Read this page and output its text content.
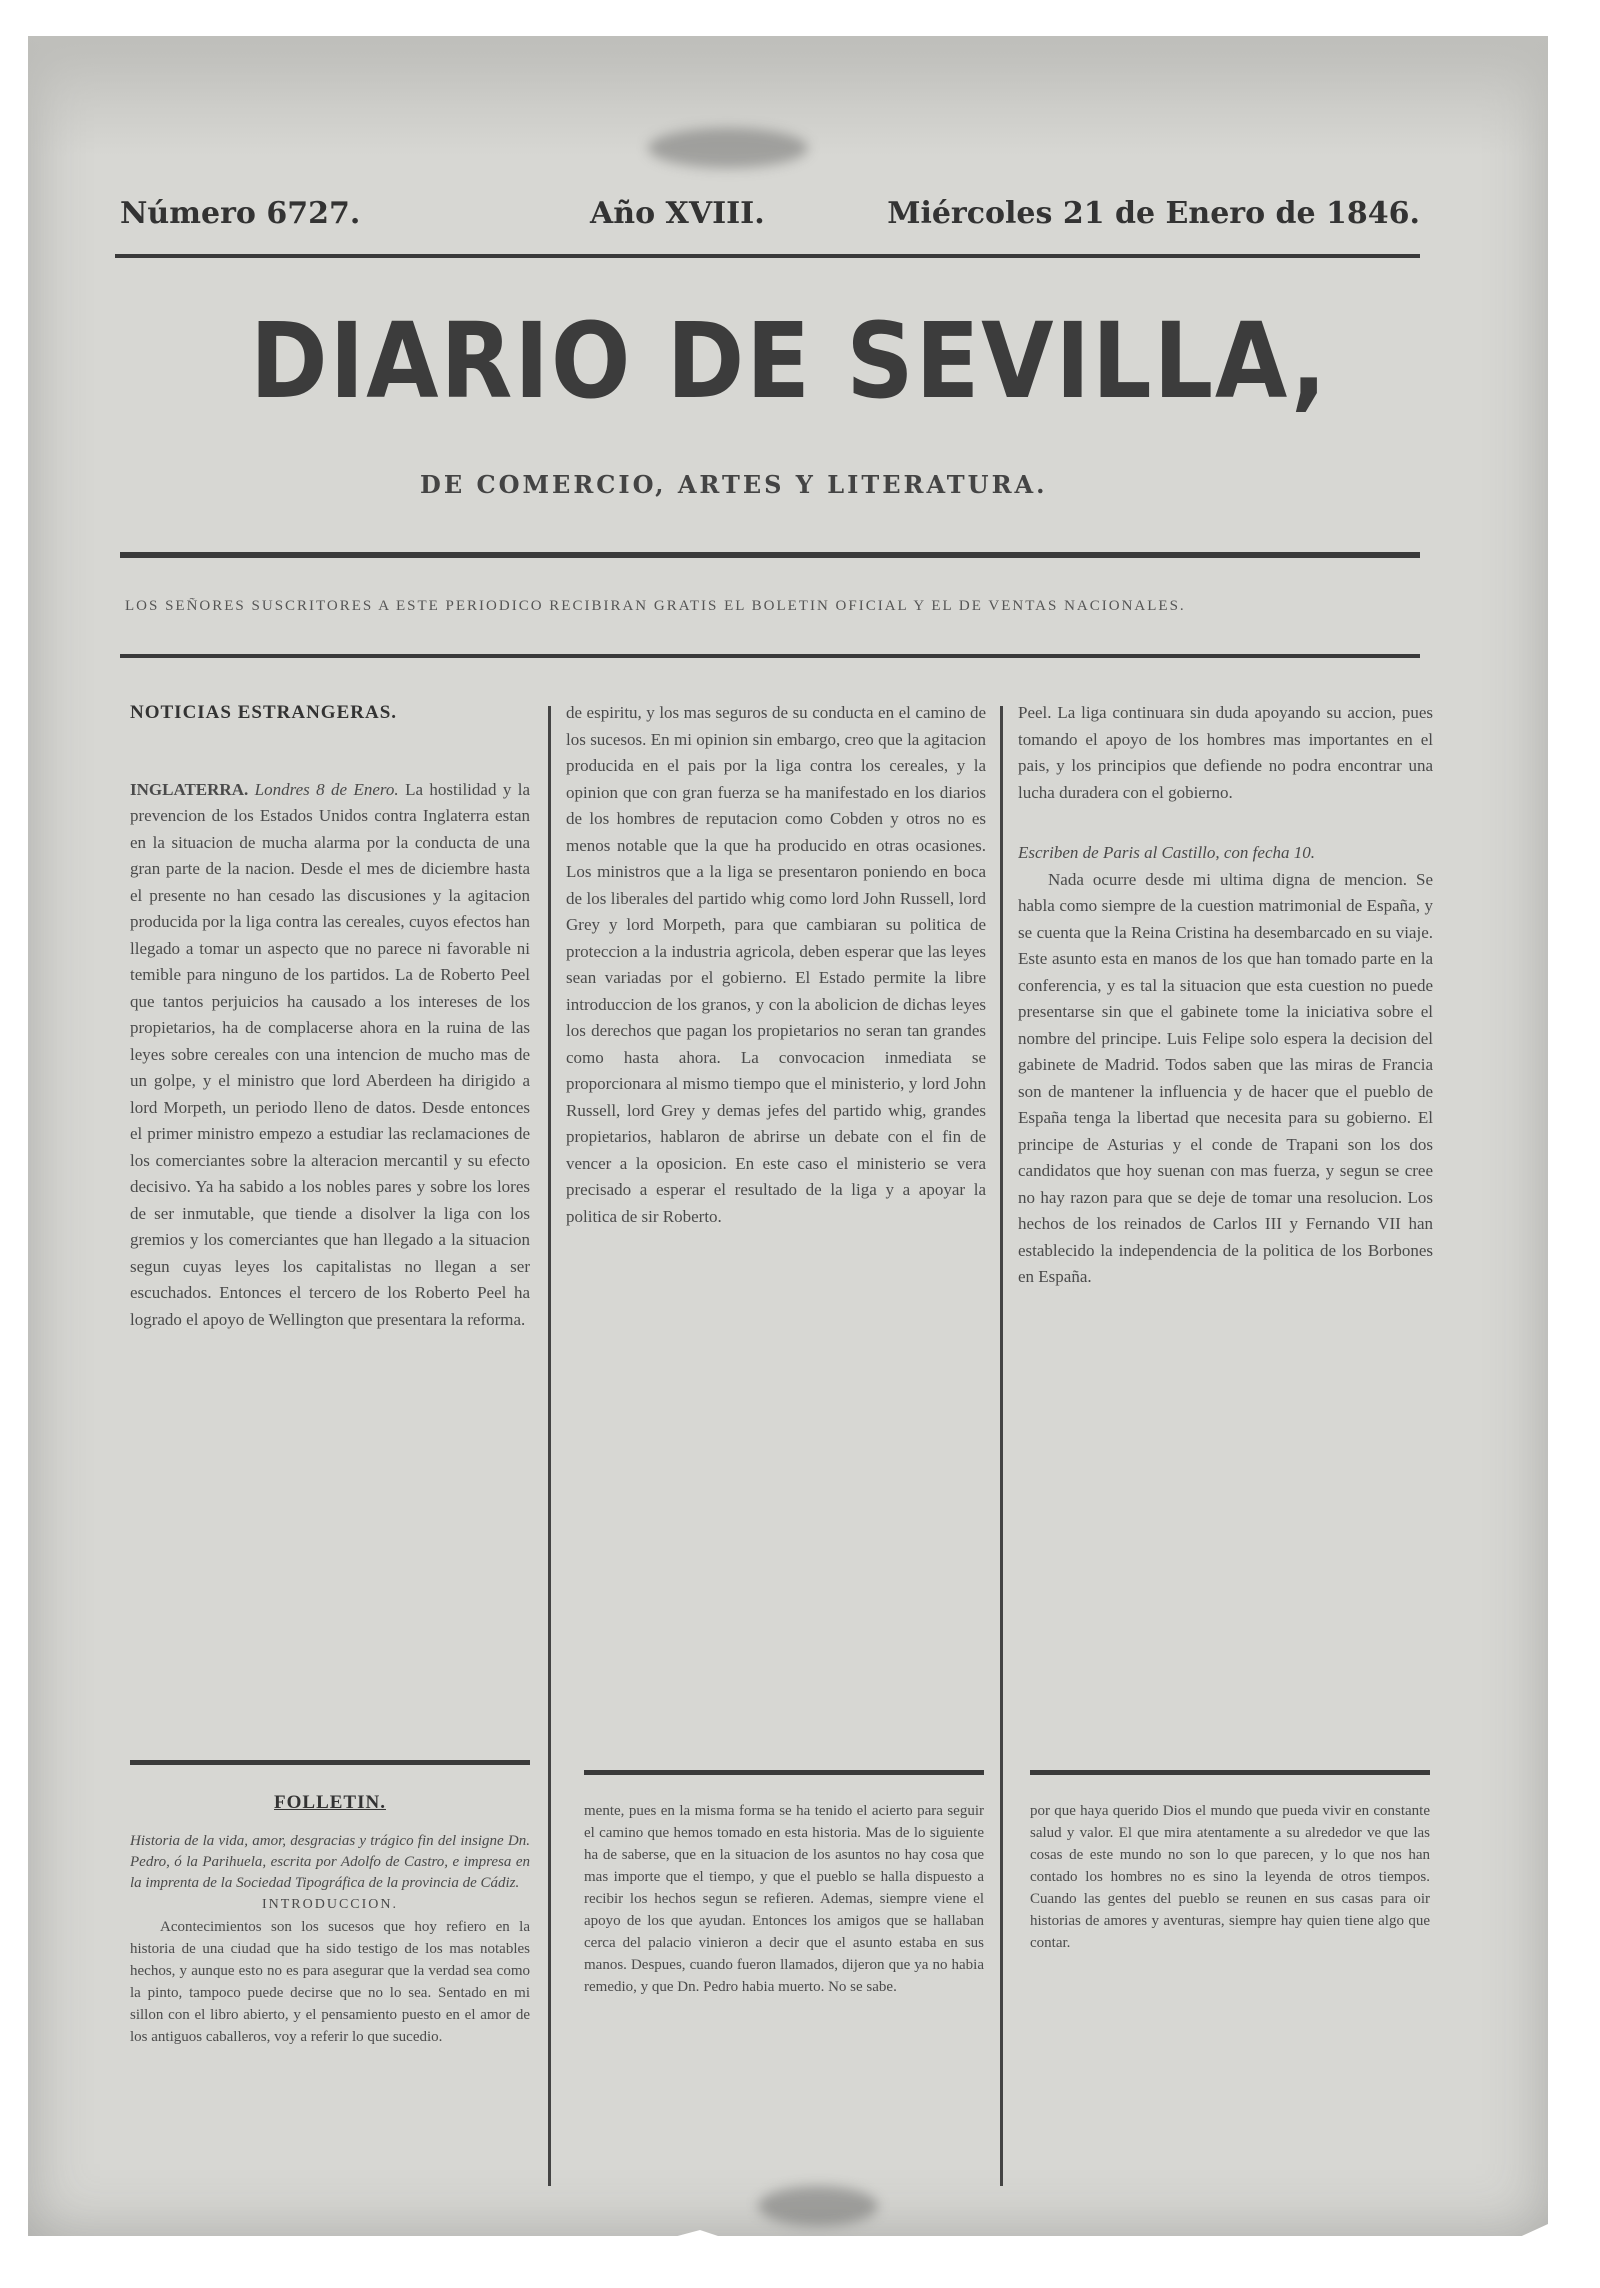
Número 6727.	Año XVIII.	Miércoles 21 de Enero de 1846.
DIARIO DE SEVILLA,
DE COMERCIO, ARTES Y LITERATURA.
LOS SEÑORES SUSCRITORES A ESTE PERIODICO RECIBIRAN GRATIS EL BOLETIN OFICIAL Y EL DE VENTAS NACIONALES.
NOTICIAS ESTRANGERAS.

INGLATERRA. Londres 8 de Enero. La hostilidad y la prevencion de los Estados Unidos contra Inglaterra estan en la situacion de mucha alarma por la conducta de una gran parte de la nacion. Desde el mes de diciembre hasta el presente no han cesado las discusiones y la agitacion producida por la liga contra las cereales, cuyos efectos han llegado a tomar un aspecto que no parece ni favorable ni temible para ninguno de los partidos. La de Roberto Peel que tantos perjuicios ha causado a los intereses de los propietarios, ha de complacerse ahora en la ruina de las leyes sobre cereales con una intencion de mucho mas de un golpe, y el ministro que lord Aberdeen ha dirigido a lord Morpeth, un periodo lleno de datos. Desde entonces el primer ministro empezo a estudiar las reclamaciones de los comerciantes sobre la alteracion mercantil y su efecto decisivo. Ya ha sabido a los nobles pares y sobre los lores de ser inmutable, que tiende a disolver la liga con los gremios y los comerciantes que han llegado a la situacion segun cuyas leyes los capitalistas no llegan a ser escuchados. Entonces el tercero de los Roberto Peel ha logrado el apoyo de Wellington que presentara la reforma.

FOLLETIN.

Historia de la vida, amor, desgracias y trágico fin del insigne Dn. Pedro, ó la Parihuela, escrita por Adolfo de Castro, e impresa en la imprenta de la Sociedad Tipográfica de la provincia de Cádiz.

INTRODUCCION.

Acontecimientos son los sucesos que hoy refiero en la historia de una ciudad que ha sido testigo de los mas notables hechos, y aunque esto no es para asegurar que la verdad sea como la pinto, tampoco puede decirse que no lo sea. Sentado en mi sillon con el libro abierto, y el pensamiento puesto en el amor de los antiguos caballeros, voy a referir lo que sucedio.

de espiritu, y los mas seguros de su conducta en el camino de los sucesos. En mi opinion sin embargo, creo que la agitacion producida en el pais por la liga contra los cereales, y la opinion que con gran fuerza se ha manifestado en los diarios de los hombres de reputacion como Cobden y otros no es menos notable que la que ha producido en otras ocasiones. Los ministros que a la liga se presentaron poniendo en boca de los liberales del partido whig como lord John Russell, lord Grey y lord Morpeth, para que cambiaran su politica de proteccion a la industria agricola, deben esperar que las leyes sean variadas por el gobierno. El Estado permite la libre introduccion de los granos, y con la abolicion de dichas leyes los derechos que pagan los propietarios no seran tan grandes como hasta ahora. La convocacion inmediata se proporcionara al mismo tiempo que el ministerio, y lord John Russell, lord Grey y demas jefes del partido whig, grandes propietarios, hablaron de abrirse un debate con el fin de vencer a la oposicion. En este caso el ministerio se vera precisado a esperar el resultado de la liga y a apoyar la politica de sir Roberto.

mente, pues en la misma forma se ha tenido el acierto para seguir el camino que hemos tomado en esta historia. Mas de lo siguiente ha de saberse, que en la situacion de los asuntos no hay cosa que mas importe que el tiempo, y que el pueblo se halla dispuesto a recibir los hechos segun se refieren. Ademas, siempre viene el apoyo de los que ayudan. Entonces los amigos que se hallaban cerca del palacio vinieron a decir que el asunto estaba en sus manos. Despues, cuando fueron llamados, dijeron que ya no habia remedio, y que Dn. Pedro habia muerto. No se sabe.

Peel. La liga continuara sin duda apoyando su accion, pues tomando el apoyo de los hombres mas importantes en el pais, y los principios que defiende no podra encontrar una lucha duradera con el gobierno.

Escriben de Paris al Castillo, con fecha 10.

Nada ocurre desde mi ultima digna de mencion. Se habla como siempre de la cuestion matrimonial de España, y se cuenta que la Reina Cristina ha desembarcado en su viaje. Este asunto esta en manos de los que han tomado parte en la conferencia, y es tal la situacion que esta cuestion no puede presentarse sin que el gabinete tome la iniciativa sobre el nombre del principe. Luis Felipe solo espera la decision del gabinete de Madrid. Todos saben que las miras de Francia son de mantener la influencia y de hacer que el pueblo de España tenga la libertad que necesita para su gobierno. El principe de Asturias y el conde de Trapani son los dos candidatos que hoy suenan con mas fuerza, y segun se cree no hay razon para que se deje de tomar una resolucion. Los hechos de los reinados de Carlos III y Fernando VII han establecido la independencia de la politica de los Borbones en España.

por que haya querido Dios el mundo que pueda vivir en constante salud y valor. El que mira atentamente a su alrededor ve que las cosas de este mundo no son lo que parecen, y lo que nos han contado los hombres no es sino la leyenda de otros tiempos. Cuando las gentes del pueblo se reunen en sus casas para oir historias de amores y aventuras, siempre hay quien tiene algo que contar.
